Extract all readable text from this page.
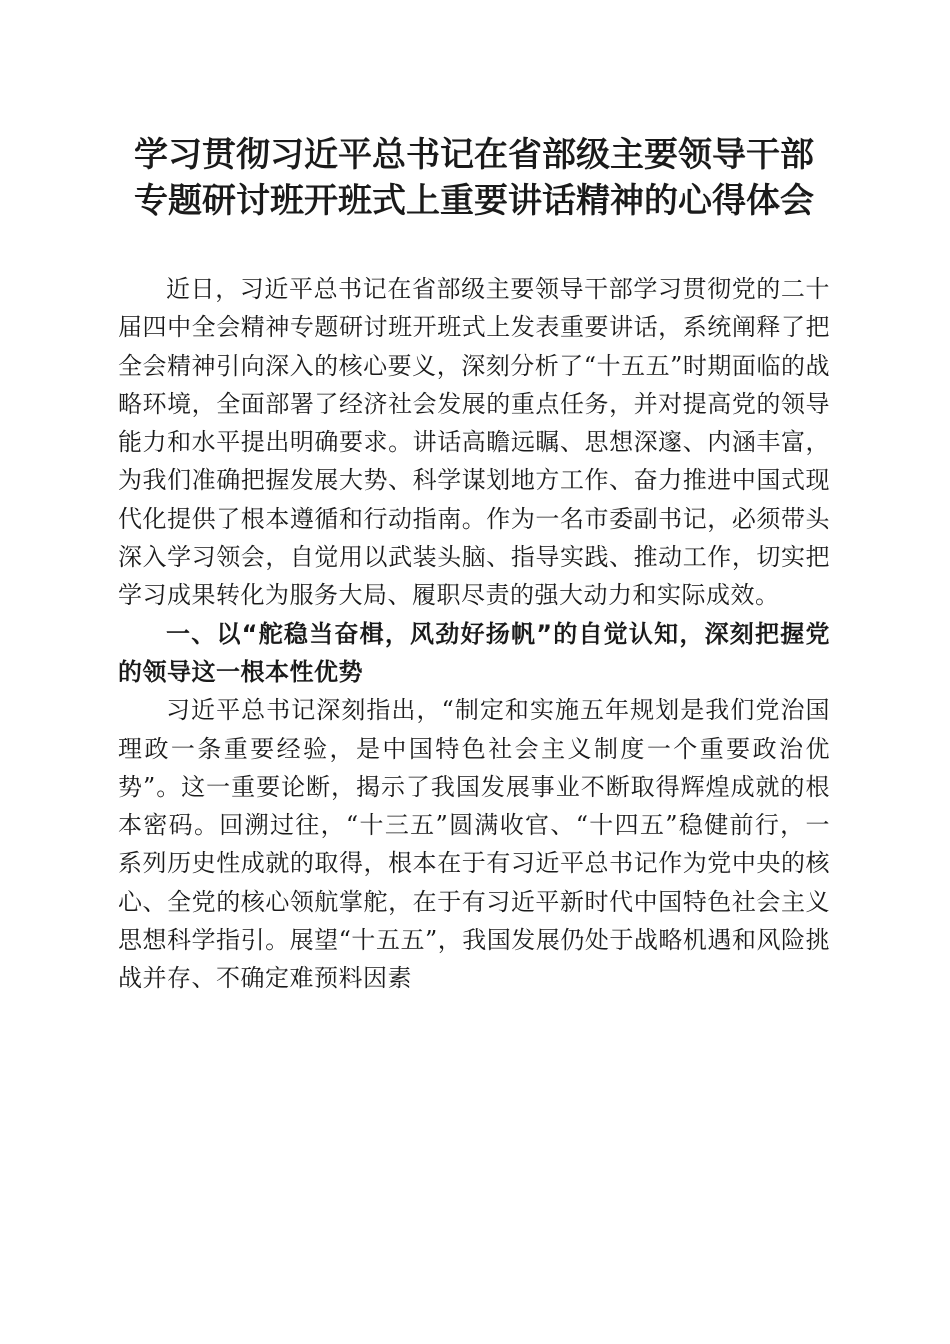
学习贯彻习近平总书记在省部级主要领导干部
专题研讨班开班式上重要讲话精神的心得体会

近日，习近平总书记在省部级主要领导干部学习贯彻党的二十届四中全会精神专题研讨班开班式上发表重要讲话，系统阐释了把全会精神引向深入的核心要义，深刻分析了“十五五”时期面临的战略环境，全面部署了经济社会发展的重点任务，并对提高党的领导能力和水平提出明确要求。讲话高瞻远瞩、思想深邃、内涵丰富，为我们准确把握发展大势、科学谋划地方工作、奋力推进中国式现代化提供了根本遵循和行动指南。作为一名市委副书记，必须带头深入学习领会，自觉用以武装头脑、指导实践、推动工作，切实把学习成果转化为服务大局、履职尽责的强大动力和实际成效。

一、以“舵稳当奋楫，风劲好扬帆”的自觉认知，深刻把握党的领导这一根本性优势

习近平总书记深刻指出，“制定和实施五年规划是我们党治国理政一条重要经验，是中国特色社会主义制度一个重要政治优势”。这一重要论断，揭示了我国发展事业不断取得辉煌成就的根本密码。回溯过往，“十三五”圆满收官、“十四五”稳健前行，一系列历史性成就的取得，根本在于有习近平总书记作为党中央的核心、全党的核心领航掌舵，在于有习近平新时代中国特色社会主义思想科学指引。展望“十五五”，我国发展仍处于战略机遇和风险挑战并存、不确定难预料因素
